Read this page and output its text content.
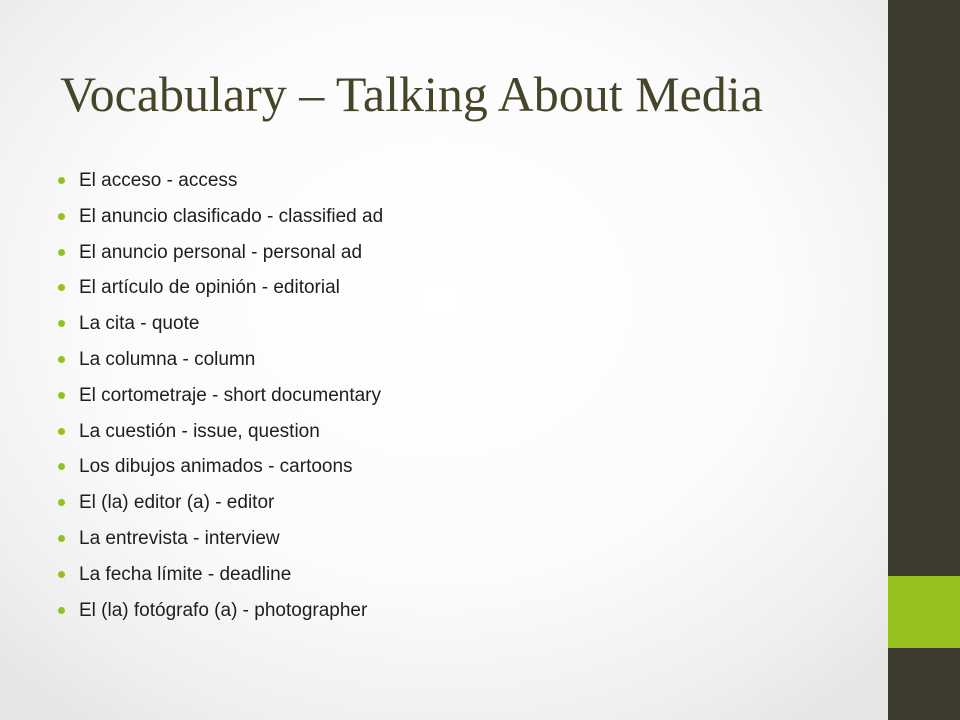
Vocabulary – Talking About Media
El acceso - access
El anuncio clasificado - classified ad
El anuncio personal - personal ad
El artículo de opinión - editorial
La cita - quote
La columna - column
El cortometraje - short documentary
La cuestión - issue, question
Los dibujos animados - cartoons
El (la) editor (a) - editor
La entrevista - interview
La fecha límite - deadline
El (la) fotógrafo (a) - photographer
